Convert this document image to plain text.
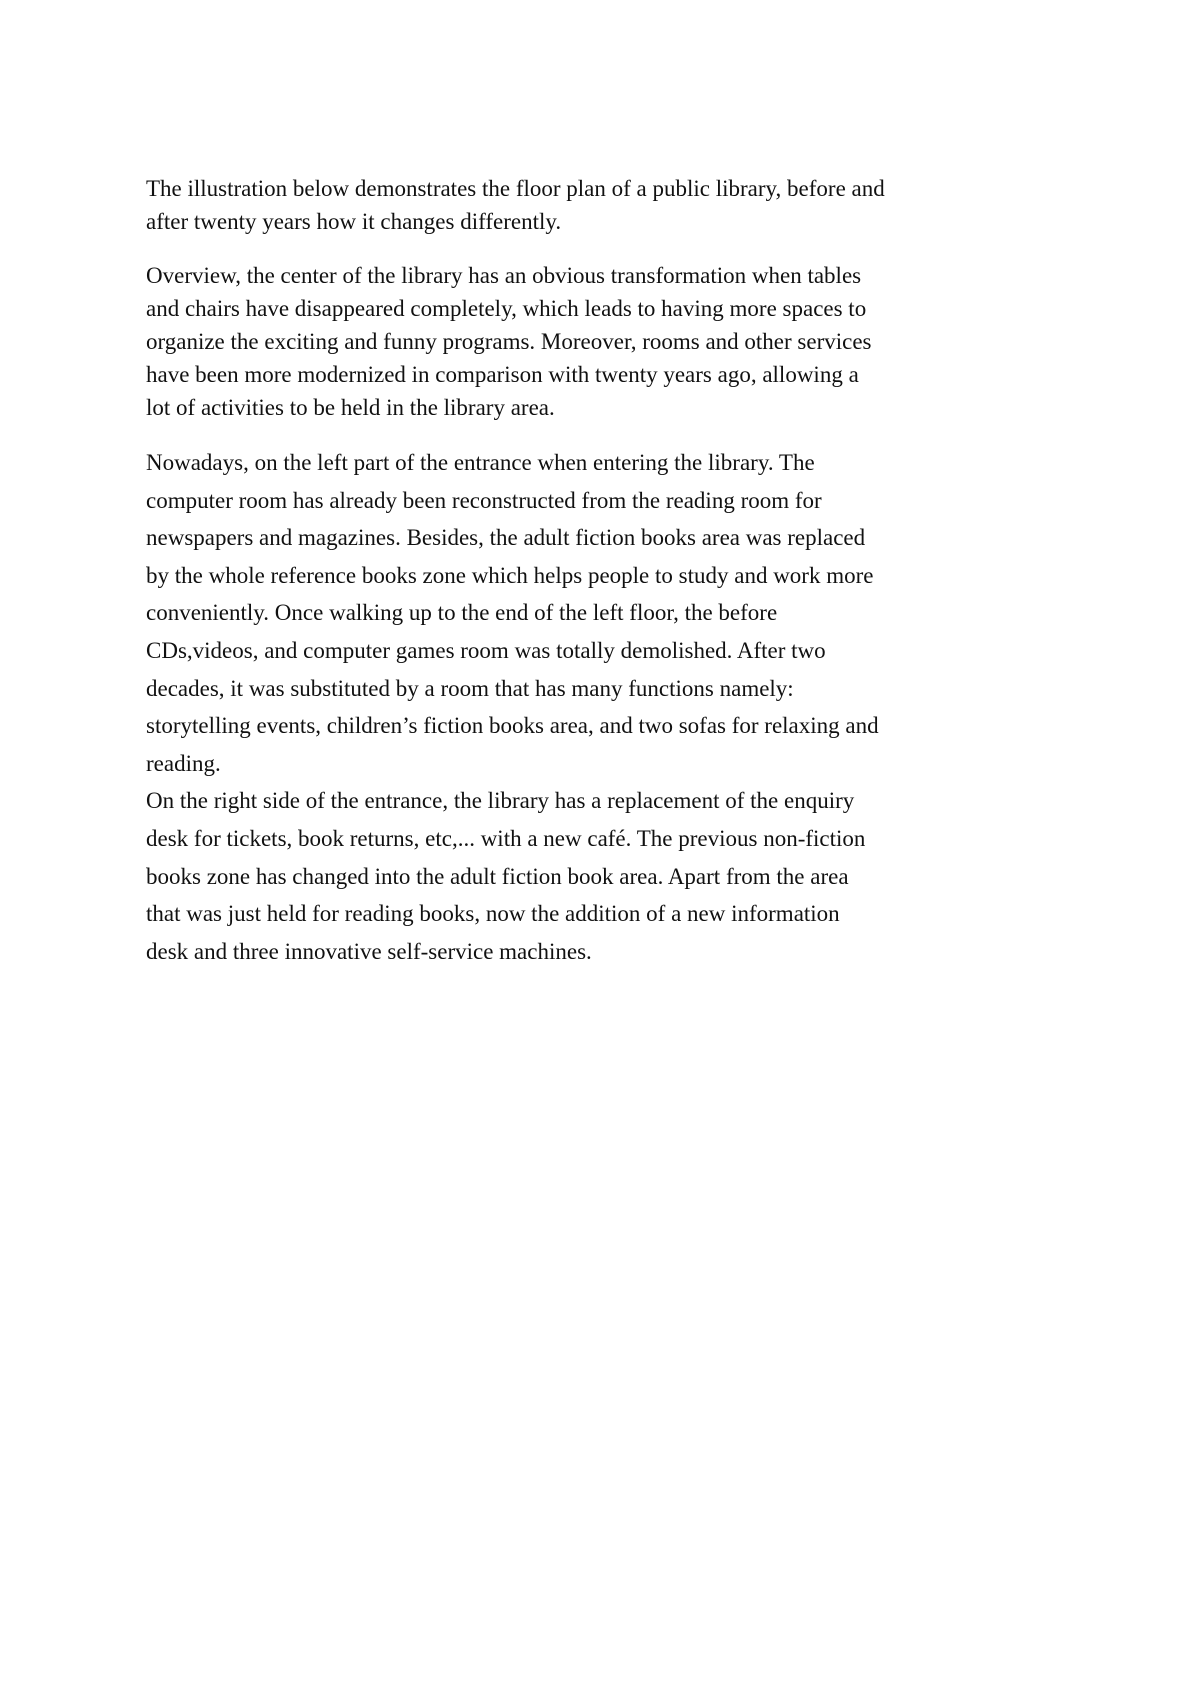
The illustration below demonstrates the floor plan of a public library, before and
after twenty years how it changes differently.

Overview, the center of the library has an obvious transformation when tables
and chairs have disappeared completely, which leads to having more spaces to
organize the exciting and funny programs. Moreover, rooms and other services
have been more modernized in comparison with twenty years ago, allowing a
lot of activities to be held in the library area.

Nowadays, on the left part of the entrance when entering the library. The
computer room has already been reconstructed from the reading room for
newspapers and magazines. Besides, the adult fiction books area was replaced
by the whole reference books zone which helps people to study and work more
conveniently. Once walking up to the end of the left floor, the before
CDs,videos, and computer games room was totally demolished. After two
decades, it was substituted by a room that has many functions namely:
storytelling events, children’s fiction books area, and two sofas for relaxing and
reading.

On the right side of the entrance, the library has a replacement of the enquiry
desk for tickets, book returns, etc,... with a new café. The previous non-fiction
books zone has changed into the adult fiction book area. Apart from the area
that was just held for reading books, now the addition of a new information
desk and three innovative self-service machines.
